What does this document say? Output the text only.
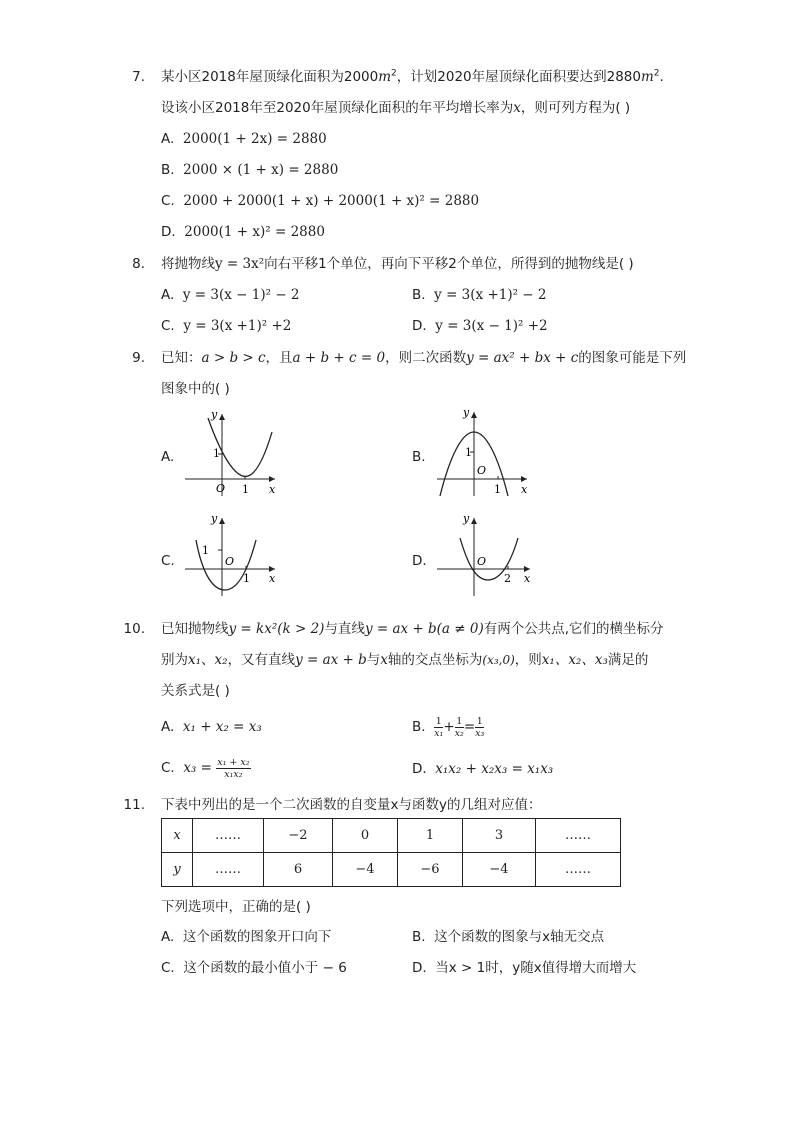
7. 某小区2018年屋顶绿化面积为$2000m^2$，计划2020年屋顶绿化面积要达到$2880m^2$.
设该小区2018年至2020年屋顶绿化面积的年平均增长率为x，则可列方程为( )
A. 2000(1 + 2x) = 2880
B. 2000 × (1 + x) = 2880
C. 2000 + 2000(1 + x) + 2000(1 + x)² = 2880
D. 2000(1 + x)² = 2880
8. 将抛物线y = 3x²向右平移1个单位，再向下平移2个单位，所得到的抛物线是( )
A. y = 3(x − 1)² − 2	B. y = 3(x +1)² − 2
C. y = 3(x +1)² +2	D. y = 3(x − 1)² +2
9. 已知：a > b > c，且a + b + c = 0，则二次函数y = ax² + bx + c的图象可能是下列
图象中的( )
A.	B.
C.	D.
y
1
O 1 x
y
1
O
1 x
y
1
O
1 x
y
O
2 x
10. 已知抛物线y = kx²(k > 2)与直线y = ax + b(a ≠ 0)有两个公共点,它们的横坐标分
别为x₁、x₂，又有直线y = ax + b与x轴的交点坐标为(x₃,0)，则x₁、x₂、x₃满足的
关系式是( )
A. x₁ + x₂ = x₃	B. $\frac{1}{\text{x₁}} + \frac{1}{\text{x₂}} = \frac{1}{\text{x₃}}$
C. $x_3 = \frac{\text{x₁ + x₂}}{\text{x₁x₂}}$	D. x₁x₂ + x₂x₃ = x₁x₃
11. 下表中列出的是一个二次函数的自变量x与函数y的几组对应值：
x	……	−2	0	1	3	……
y	……	6	−4	−6	−4	……
下列选项中，正确的是( )
A. 这个函数的图象开口向下	B. 这个函数的图象与x轴无交点
C. 这个函数的最小值小于 − 6	D. 当x > 1时，y随x值得增大而增大
